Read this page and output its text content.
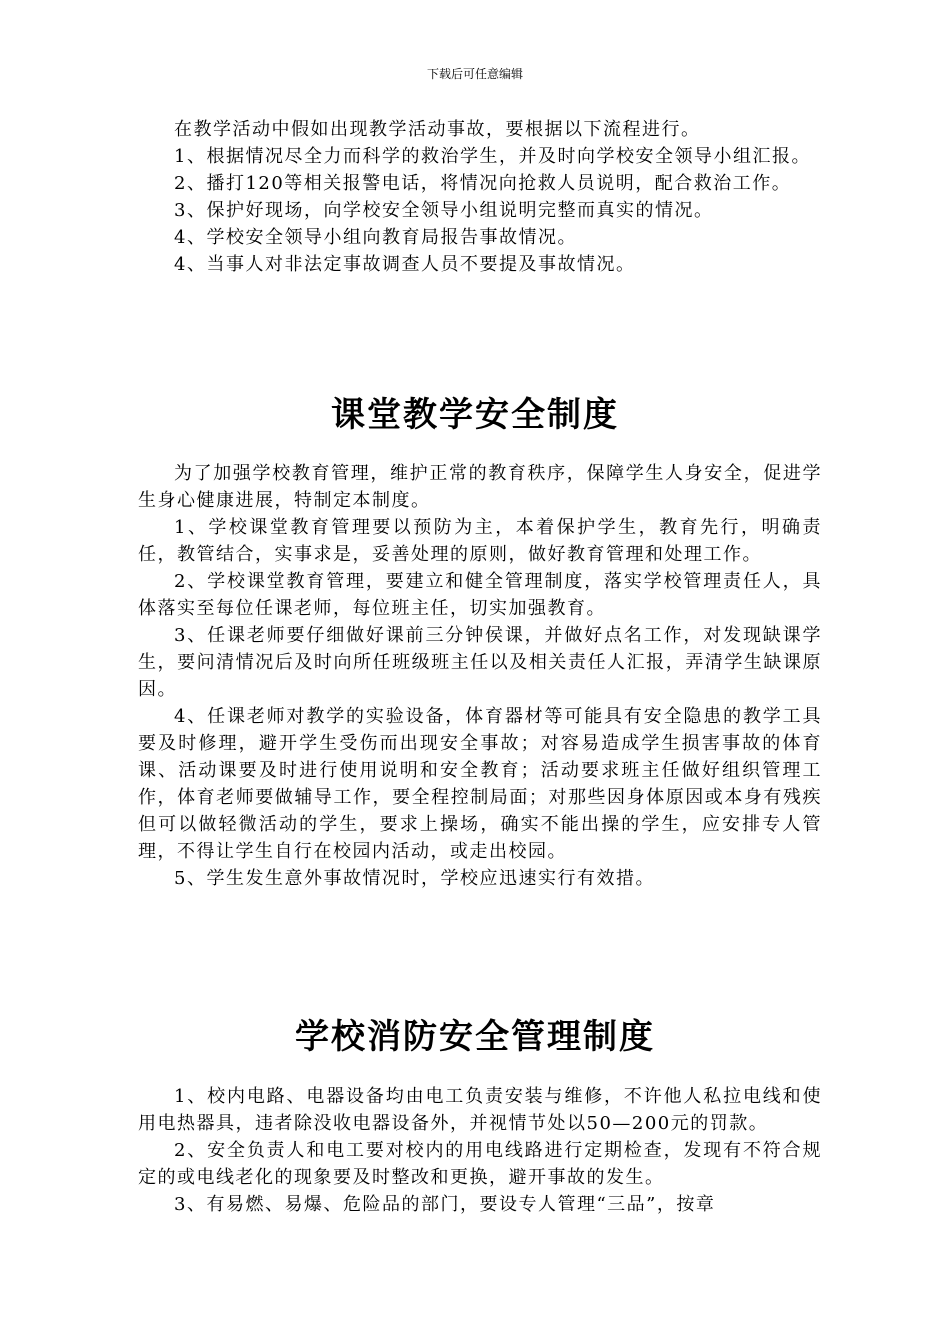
下载后可任意编辑

在教学活动中假如出现教学活动事故，要根据以下流程进行。

1、根据情况尽全力而科学的救治学生，并及时向学校安全领导小组汇报。

2、播打120等相关报警电话，将情况向抢救人员说明，配合救治工作。

3、保护好现场，向学校安全领导小组说明完整而真实的情况。

4、学校安全领导小组向教育局报告事故情况。

4、当事人对非法定事故调查人员不要提及事故情况。

课堂教学安全制度

为了加强学校教育管理，维护正常的教育秩序，保障学生人身安全，促进学生身心健康进展，特制定本制度。

1、学校课堂教育管理要以预防为主，本着保护学生，教育先行，明确责任，教管结合，实事求是，妥善处理的原则，做好教育管理和处理工作。

2、学校课堂教育管理，要建立和健全管理制度，落实学校管理责任人，具体落实至每位任课老师，每位班主任，切实加强教育。

3、任课老师要仔细做好课前三分钟侯课，并做好点名工作，对发现缺课学生，要问清情况后及时向所任班级班主任以及相关责任人汇报，弄清学生缺课原因。

4、任课老师对教学的实验设备，体育器材等可能具有安全隐患的教学工具要及时修理，避开学生受伤而出现安全事故；对容易造成学生损害事故的体育课、活动课要及时进行使用说明和安全教育；活动要求班主任做好组织管理工作，体育老师要做辅导工作，要全程控制局面；对那些因身体原因或本身有残疾但可以做轻微活动的学生，要求上操场，确实不能出操的学生，应安排专人管理，不得让学生自行在校园内活动，或走出校园。

5、学生发生意外事故情况时，学校应迅速实行有效措。

学校消防安全管理制度

1、校内电路、电器设备均由电工负责安装与维修，不许他人私拉电线和使用电热器具，违者除没收电器设备外，并视情节处以50—200元的罚款。

2、安全负责人和电工要对校内的用电线路进行定期检查，发现有不符合规定的或电线老化的现象要及时整改和更换，避开事故的发生。

3、有易燃、易爆、危险品的部门，要设专人管理“三品”，按章
